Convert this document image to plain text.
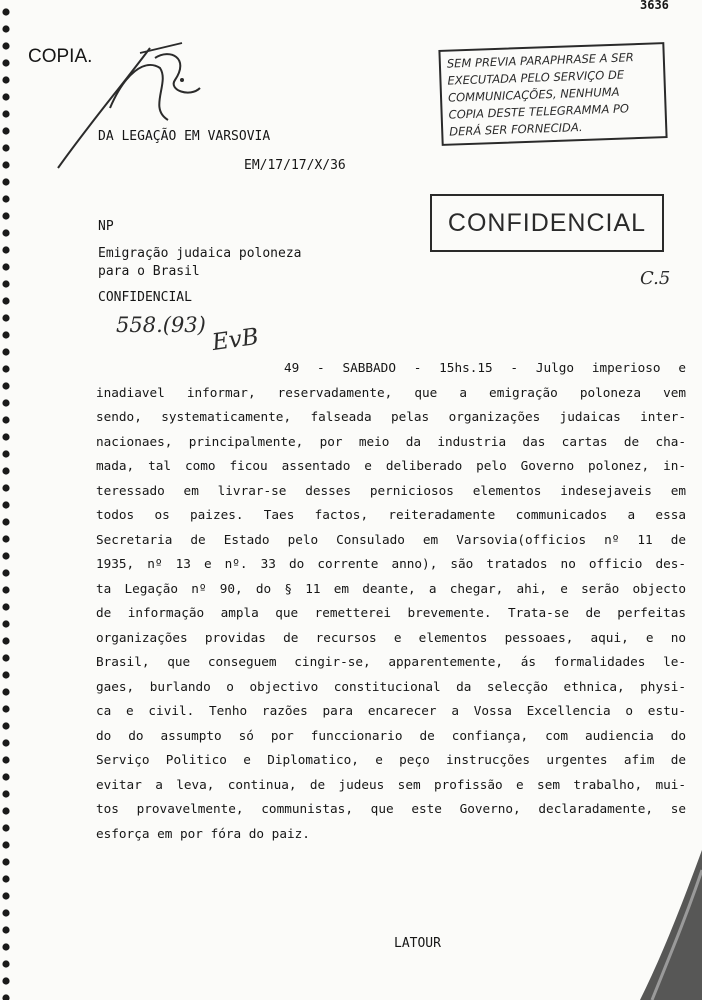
3636
COPIA.	SEM PREVIA PARAPHRASE A SER
EXECUTADA PELO SERVIÇO DE
COMMUNICAÇÕES, NENHUMA
COPIA DESTE TELEGRAMMA PO
DERÁ SER FORNECIDA.
DA LEGAÇÃO EM VARSOVIA
EM/17/17/X/36
CONFIDENCIAL
NP
Emigração judaica poloneza
para o Brasil
CONFIDENCIAL
558.(93) EvB
C.5
49 - SABBADO - 15hs.15 - Julgo imperioso e
inadiavel informar, reservadamente, que a emigração poloneza vem
sendo, systematicamente, falseada pelas organizações judaicas inter-
nacionaes, principalmente, por meio da industria das cartas de cha-
mada, tal como ficou assentado e deliberado pelo Governo polonez, in-
teressado em livrar-se desses perniciosos elementos indesejaveis em
todos os paizes. Taes factos, reiteradamente communicados a essa
Secretaria de Estado pelo Consulado em Varsovia(officios nº 11 de
1935, nº 13 e nº. 33 do corrente anno), são tratados no officio des-
ta Legação nº 90, do § 11 em deante, a chegar, ahi, e serão objecto
de informação ampla que remetterei brevemente. Trata-se de perfeitas
organizações providas de recursos e elementos pessoaes, aqui, e no
Brasil, que conseguem cingir-se, apparentemente, ás formalidades le-
gaes, burlando o objectivo constitucional da selecção ethnica, physi-
ca e civil. Tenho razões para encarecer a Vossa Excellencia o estu-
do do assumpto só por funccionario de confiança, com audiencia do
Serviço Politico e Diplomatico, e peço instrucções urgentes afim de
evitar a leva, continua, de judeus sem profissão e sem trabalho, mui-
tos provavelmente, communistas, que este Governo, declaradamente, se
esforça em por fóra do paiz.
LATOUR
